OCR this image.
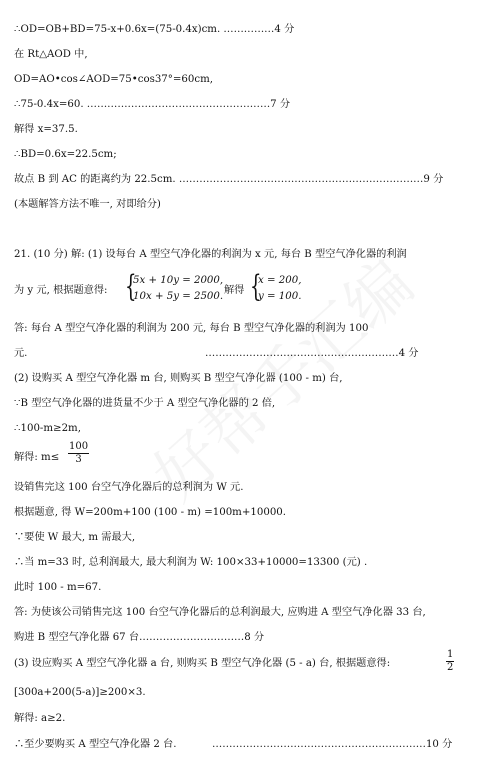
∴OD=OB+BD=75-x+0.6x=(75-0.4x)cm. ……………4 分
在 Rt△AOD 中,
OD=AO•cos∠AOD=75•cos37°=60cm,
∴75-0.4x=60. ………………………………………………7 分
解得 x=37.5.
∴BD=0.6x=22.5cm;
故点 B 到 AC 的距离约为 22.5cm. ………………………………………………………………9 分
(本题解答方法不唯一, 对即给分)
21. (10 分) 解: (1) 设每台 A 型空气净化器的利润为 x 元, 每台 B 型空气净化器的利润
为 y 元, 根据题意得: {
5x + 10y = 2000,
10x + 5y = 2500.
解得 {
x = 200,
y = 100.
答: 每台 A 型空气净化器的利润为 200 元, 每台 B 型空气净化器的利润为 100
元.	…………………………………………………4 分
(2) 设购买 A 型空气净化器 m 台, 则购买 B 型空气净化器 (100 - m) 台,
∵B 型空气净化器的进货量不少于 A 型空气净化器的 2 倍,
∴100-m≥2m,
解得: $m\le \frac{100}{3}$
设销售完这 100 台空气净化器后的总利润为 W 元.
根据题意, 得 W=200m+100 (100 - m) =100m+10000.
∵要使 W 最大, m 需最大,
∴当 m=33 时, 总利润最大, 最大利润为 W: 100×33+10000=13300 (元) .
此时 100 - m=67.
答: 为使该公司销售完这 100 台空气净化器后的总利润最大, 应购进 A 型空气净化器 33 台,
购进 B 型空气净化器 67 台.…………………………8 分
(3) 设应购买 A 型空气净化器 a 台, 则购买 B 型空气净化器 (5 - a) 台, 根据题意得:	$\frac{1}{2}$
[300a+200(5-a)]≥200×3.
解得: a≥2.
∴至少要购买 A 型空气净化器 2 台.	………………………………………………………10 分
